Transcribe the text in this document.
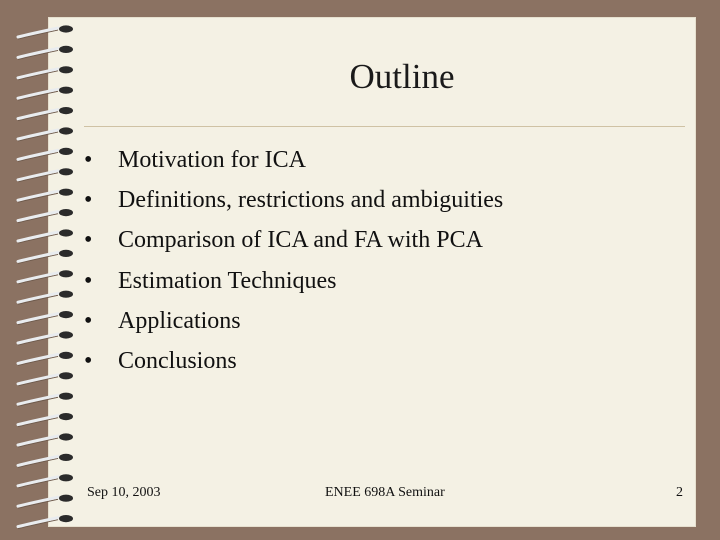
Outline
•	Motivation for ICA
•	Definitions, restrictions and ambiguities
•	Comparison of ICA and FA with PCA
•	Estimation Techniques
•	Applications
•	Conclusions
Sep 10, 2003	ENEE 698A Seminar	2
